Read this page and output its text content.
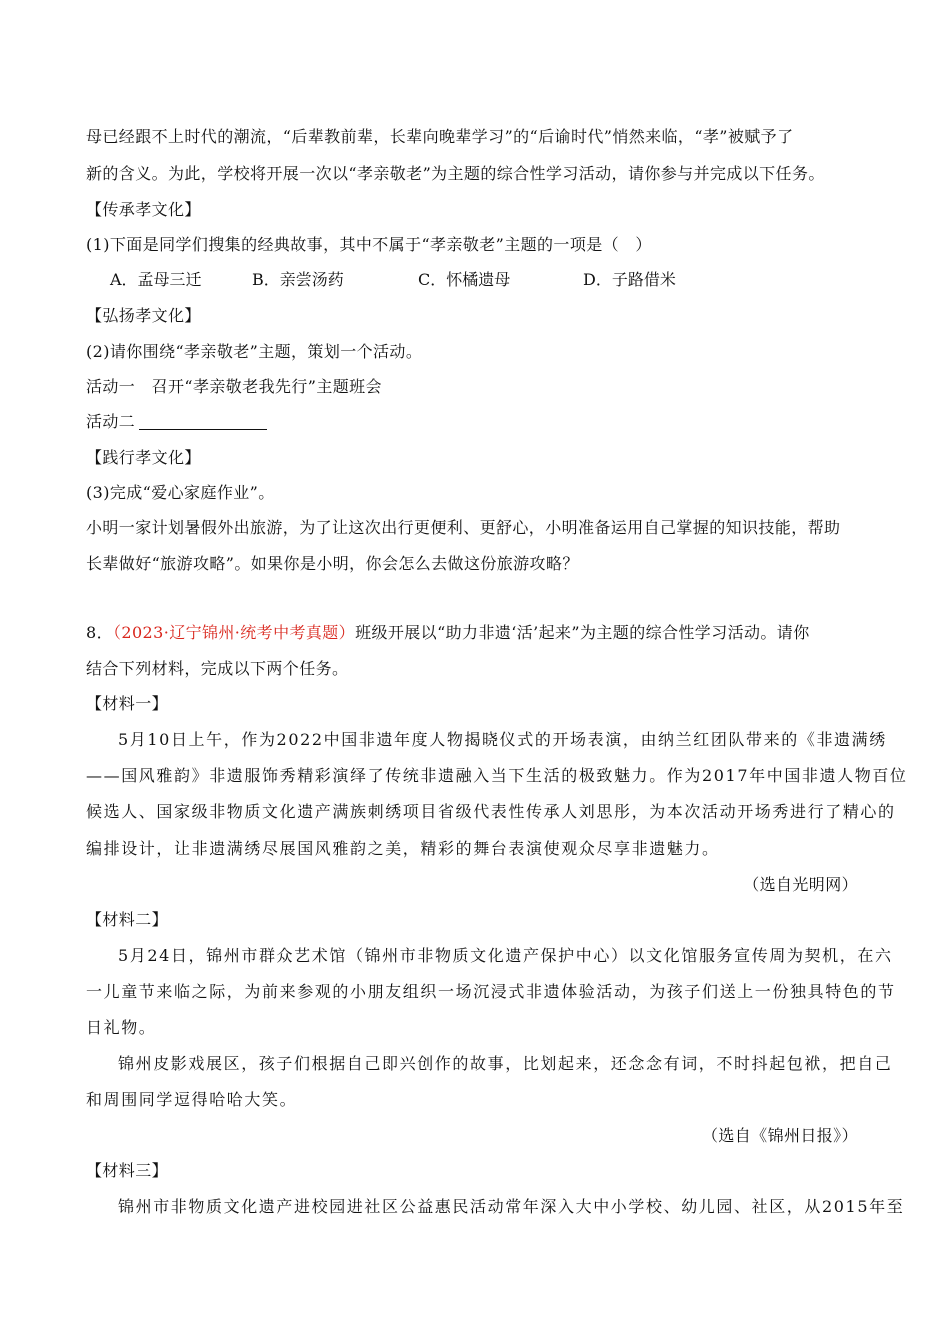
母已经跟不上时代的潮流，“后辈教前辈，长辈向晚辈学习”的“后谕时代”悄然来临，“孝”被赋予了
新的含义。为此，学校将开展一次以“孝亲敬老”为主题的综合性学习活动，请你参与并完成以下任务。
【传承孝文化】
(1)下面是同学们搜集的经典故事，其中不属于“孝亲敬老”主题的一项是（　）
A．孟母三迁	B．亲尝汤药	C．怀橘遗母	D．子路借米
【弘扬孝文化】
(2)请你围绕“孝亲敬老”主题，策划一个活动。
活动一　召开“孝亲敬老我先行”主题班会
活动二
【践行孝文化】
(3)完成“爱心家庭作业”。
小明一家计划暑假外出旅游，为了让这次出行更便利、更舒心，小明准备运用自己掌握的知识技能，帮助
长辈做好“旅游攻略”。如果你是小明，你会怎么去做这份旅游攻略？
8．（2023·辽宁锦州·统考中考真题）班级开展以“助力非遗‘活’起来”为主题的综合性学习活动。请你
结合下列材料，完成以下两个任务。
【材料一】
5月10日上午，作为2022中国非遗年度人物揭晓仪式的开场表演，由纳兰红团队带来的《非遗满绣
——国风雅韵》非遗服饰秀精彩演绎了传统非遗融入当下生活的极致魅力。作为2017年中国非遗人物百位
候选人、国家级非物质文化遗产满族刺绣项目省级代表性传承人刘思彤，为本次活动开场秀进行了精心的
编排设计，让非遗满绣尽展国风雅韵之美，精彩的舞台表演使观众尽享非遗魅力。
（选自光明网）
【材料二】
5月24日，锦州市群众艺术馆（锦州市非物质文化遗产保护中心）以文化馆服务宣传周为契机，在六
一儿童节来临之际，为前来参观的小朋友组织一场沉浸式非遗体验活动，为孩子们送上一份独具特色的节
日礼物。
锦州皮影戏展区，孩子们根据自己即兴创作的故事，比划起来，还念念有词，不时抖起包袱，把自己
和周围同学逗得哈哈大笑。
（选自《锦州日报》）
【材料三】
锦州市非物质文化遗产进校园进社区公益惠民活动常年深入大中小学校、幼儿园、社区，从2015年至
